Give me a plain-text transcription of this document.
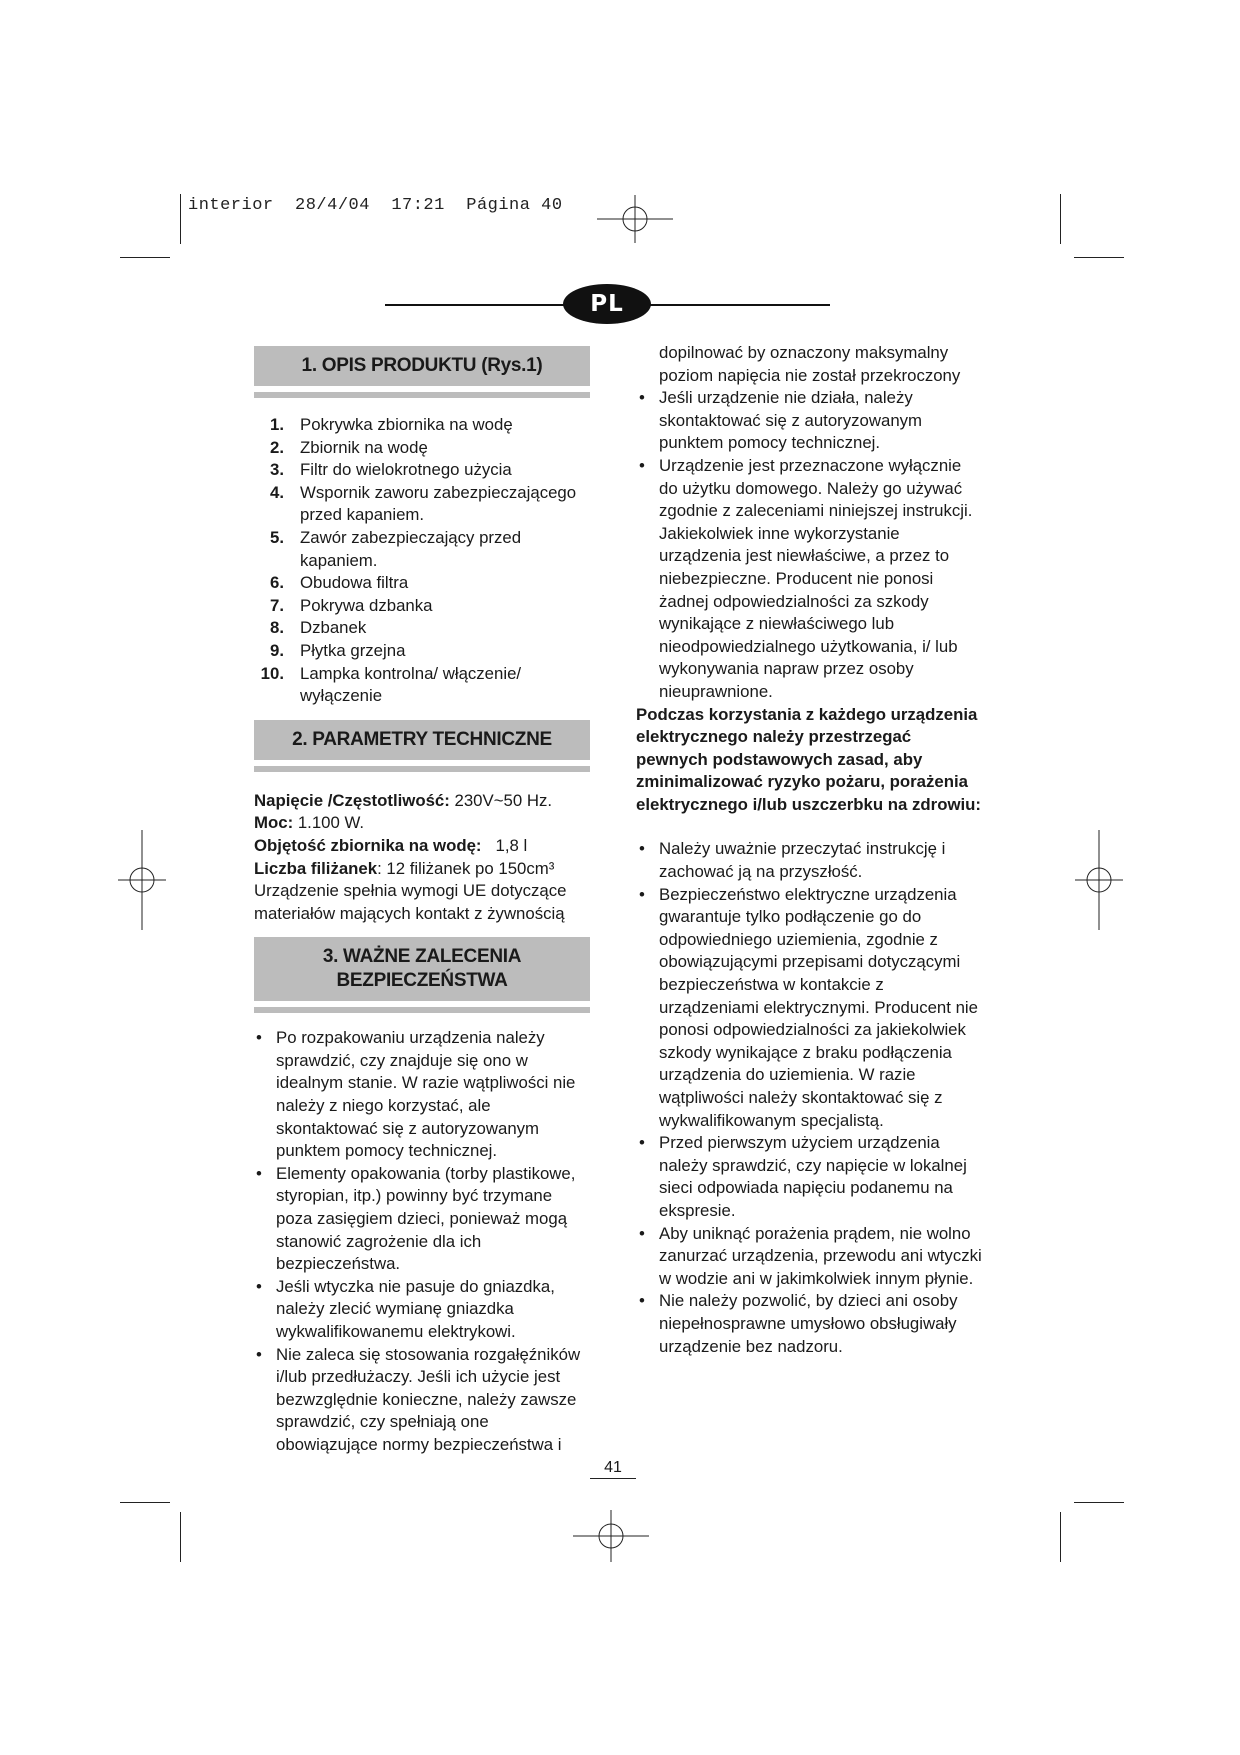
interior  28/4/04  17:21  Página 40
PL
1. OPIS PRODUKTU (Rys.1)
1. Pokrywka zbiornika na wodę
2. Zbiornik na wodę
3. Filtr do wielokrotnego użycia
4. Wspornik zaworu zabezpieczającego przed kapaniem.
5. Zawór zabezpieczający przed kapaniem.
6. Obudowa filtra
7. Pokrywa dzbanka
8. Dzbanek
9. Płytka grzejna
10. Lampka kontrolna/ włączenie/ wyłączenie
2. PARAMETRY TECHNICZNE
Napięcie /Częstotliwość: 230V~50 Hz.
Moc: 1.100 W.
Objętość zbiornika na wodę:   1,8 l
Liczba filiżanek: 12 filiżanek po 150cm³
Urządzenie spełnia wymogi UE dotyczące materiałów mających kontakt z żywnością
3. WAŻNE ZALECENIA
BEZPIECZEŃSTWA
• Po rozpakowaniu urządzenia należy sprawdzić, czy znajduje się ono w idealnym stanie. W razie wątpliwości nie należy z niego korzystać, ale skontaktować się z autoryzowanym punktem pomocy technicznej.
• Elementy opakowania (torby plastikowe, styropian, itp.) powinny być trzymane poza zasięgiem dzieci, ponieważ mogą stanowić zagrożenie dla ich bezpieczeństwa.
• Jeśli wtyczka nie pasuje do gniazdka, należy zlecić wymianę gniazdka wykwalifikowanemu elektrykowi.
• Nie zaleca się stosowania rozgałęźników i/lub przedłużaczy. Jeśli ich użycie jest bezwzględnie konieczne, należy zawsze sprawdzić, czy spełniają one obowiązujące normy bezpieczeństwa i
dopilnować by oznaczony maksymalny poziom napięcia nie został przekroczony
• Jeśli urządzenie nie działa, należy skontaktować się z autoryzowanym punktem pomocy technicznej.
• Urządzenie jest przeznaczone wyłącznie do użytku domowego. Należy go używać zgodnie z zaleceniami niniejszej instrukcji. Jakiekolwiek inne wykorzystanie urządzenia jest niewłaściwe, a przez to niebezpieczne. Producent nie ponosi żadnej odpowiedzialności za szkody wynikające z niewłaściwego lub nieodpowiedzialnego użytkowania, i/ lub wykonywania napraw przez osoby nieuprawnione.
Podczas korzystania z każdego urządzenia elektrycznego należy przestrzegać pewnych podstawowych zasad, aby zminimalizować ryzyko pożaru, porażenia elektrycznego i/lub uszczerbku na zdrowiu:
• Należy uważnie przeczytać instrukcję i zachować ją na przyszłość.
• Bezpieczeństwo elektryczne urządzenia gwarantuje tylko podłączenie go do odpowiedniego uziemienia, zgodnie z obowiązującymi przepisami dotyczącymi bezpieczeństwa w kontakcie z urządzeniami elektrycznymi. Producent nie ponosi odpowiedzialności za jakiekolwiek szkody wynikające z braku podłączenia urządzenia do uziemienia. W razie wątpliwości należy skontaktować się z wykwalifikowanym specjalistą.
• Przed pierwszym użyciem urządzenia należy sprawdzić, czy napięcie w lokalnej sieci odpowiada napięciu podanemu na ekspresie.
• Aby uniknąć porażenia prądem, nie wolno zanurzać urządzenia, przewodu ani wtyczki w wodzie ani w jakimkolwiek innym płynie.
• Nie należy pozwolić, by dzieci ani osoby niepełnosprawne umysłowo obsługiwały urządzenie bez nadzoru.
41
